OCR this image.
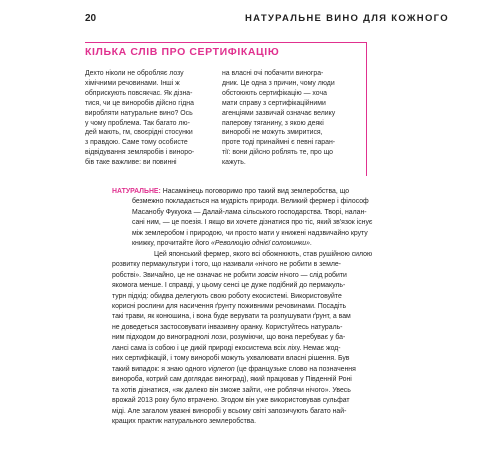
20	НАТУРАЛЬНЕ ВИНО ДЛЯ КОЖНОГО
КІЛЬКА СЛІВ ПРО СЕРТИФІКАЦІЮ
Дехто ніколи не обробляє лозу
хімічними речовинами. Інші ж
обприскують повсякчас. Як дізна-
тися, чи це виноробів дійсно гідна
виробляти натуральне вино? Ось
у чому проблема. Так багато лю-
дей мають, гм, своєрідні стосунки
з правдою. Саме тому особисте
відвідування земляробів і виноро-
бів таке важливе: ви повинні
на власні очі побачити виногра-
дник. Це одна з причин, чому люди
обстоюють сертифікацію — хоча
мати справу з сертифікаційними
агенціями зазвичай означає велику
паперову тяганину, з якою деякі
виноробі не можуть змиритися,
проте тоді принаймні є певні гаран-
тії: вони дійсно роблять те, про що
кажуть.

НАТУРАЛЬНЕ: Насамкінець поговоримо про такий вид землеробства, що
безмежно покладається на мудрість природи. Великий фермер і філософ
Масанобу Фукуока — Далай-лама сільського господарства. Творі, налан-
сані ним, — це поезія. І якщо ви хочете дізнатися про тіс, який зв'язок існує
між землеробом і природою, чи просто мати у книжені надзвичайно круту
книжку, прочитайте його «Революцію однієї соломинки».

Цей японський фермер, якого всі обожнюють, став рушійною силою
розвитку пермакультури і того, що називали «нічого не робити в земле-
робстві». Звичайно, це не означає не робити зовсім нічого — слід робити
якомога менше. І справді, у цьому сенсі це дуже подібний до пермакуль-
турн підхід: обидва делегують свою роботу екосистемі. Використовуйте
корисні рослини для насичення ґрунту поживними речовинами. Посадіть
такі трави, як конюшина, і вона буде верувати та розпушувати ґрунт, а вам
не доведеться застосовувати інвазивну оранку. Користуйтесь натураль-
ним підходом до винограднолі лози, розуміючи, що вона перебуває у ба-
лансі сама із собою і це дикій природі екосистема всіх ліху. Немає жод-
них сертифікацій, і тому виноробі можуть ухвалювати власні рішення. Був
такий випадок: я знаю одного vigneron (це французьке слово на позначення
винороба, котрий сам доглядає виноград), який працював у Південній Роні
та хотів дізнатися, «як далеко він зможе зайти, «не роблячи нічого». Увесь
врожай 2013 року було втрачено. Згодом він уже використовував сульфат
міді. Але загалом уважні виноробі у всьому світі запозичують багато най-
кращих практик натурального землеробства.
